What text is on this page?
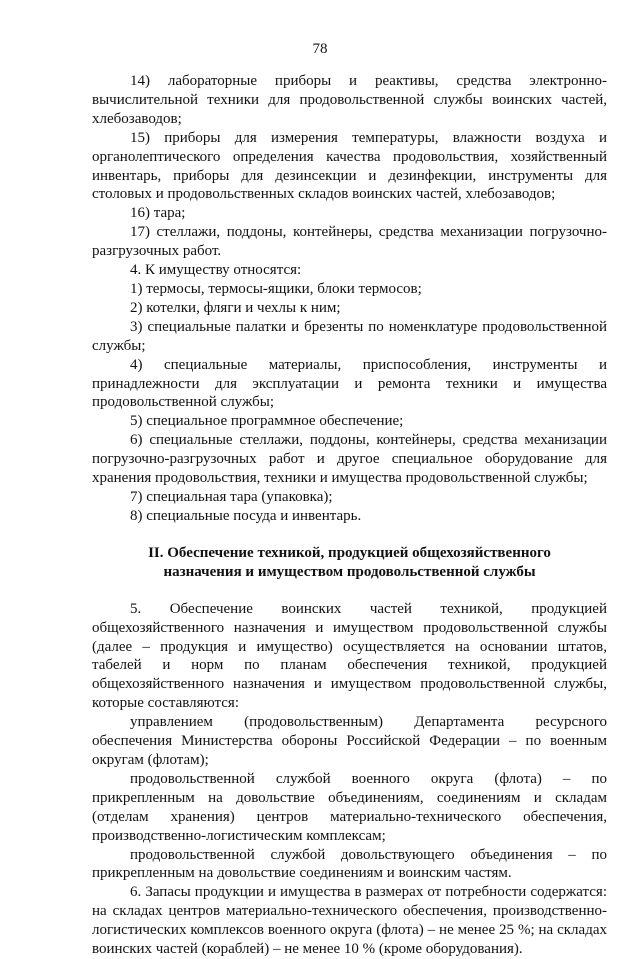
78

14) лабораторные приборы и реактивы, средства электронно-вычислительной техники для продовольственной службы воинских частей, хлебозаводов;

15) приборы для измерения температуры, влажности воздуха и органолептического определения качества продовольствия, хозяйственный инвентарь, приборы для дезинсекции и дезинфекции, инструменты для столовых и продовольственных складов воинских частей, хлебозаводов;

16) тара;

17) стеллажи, поддоны, контейнеры, средства механизации погрузочно-разгрузочных работ.

4. К имуществу относятся:

1) термосы, термосы-ящики, блоки термосов;

2) котелки, фляги и чехлы к ним;

3) специальные палатки и брезенты по номенклатуре продовольственной службы;

4) специальные материалы, приспособления, инструменты и принадлежности для эксплуатации и ремонта техники и имущества продовольственной службы;

5) специальное программное обеспечение;

6) специальные стеллажи, поддоны, контейнеры, средства механизации погрузочно-разгрузочных работ и другое специальное оборудование для хранения продовольствия, техники и имущества продовольственной службы;

7) специальная тара (упаковка);

8) специальные посуда и инвентарь.

II. Обеспечение техникой, продукцией общехозяйственного
назначения и имуществом продовольственной службы

5. Обеспечение воинских частей техникой, продукцией общехозяйственного назначения и имуществом продовольственной службы (далее – продукция и имущество) осуществляется на основании штатов, табелей и норм по планам обеспечения техникой, продукцией общехозяйственного назначения и имуществом продовольственной службы, которые составляются:

управлением (продовольственным) Департамента ресурсного обеспечения Министерства обороны Российской Федерации – по военным округам (флотам);

продовольственной службой военного округа (флота) – по прикрепленным на довольствие объединениям, соединениям и складам (отделам хранения) центров материально-технического обеспечения, производственно-логистическим комплексам;

продовольственной службой довольствующего объединения – по прикрепленным на довольствие соединениям и воинским частям.

6. Запасы продукции и имущества в размерах от потребности содержатся: на складах центров материально-технического обеспечения, производственно-логистических комплексов военного округа (флота) – не менее 25 %; на складах воинских частей (кораблей) – не менее 10 % (кроме оборудования).
